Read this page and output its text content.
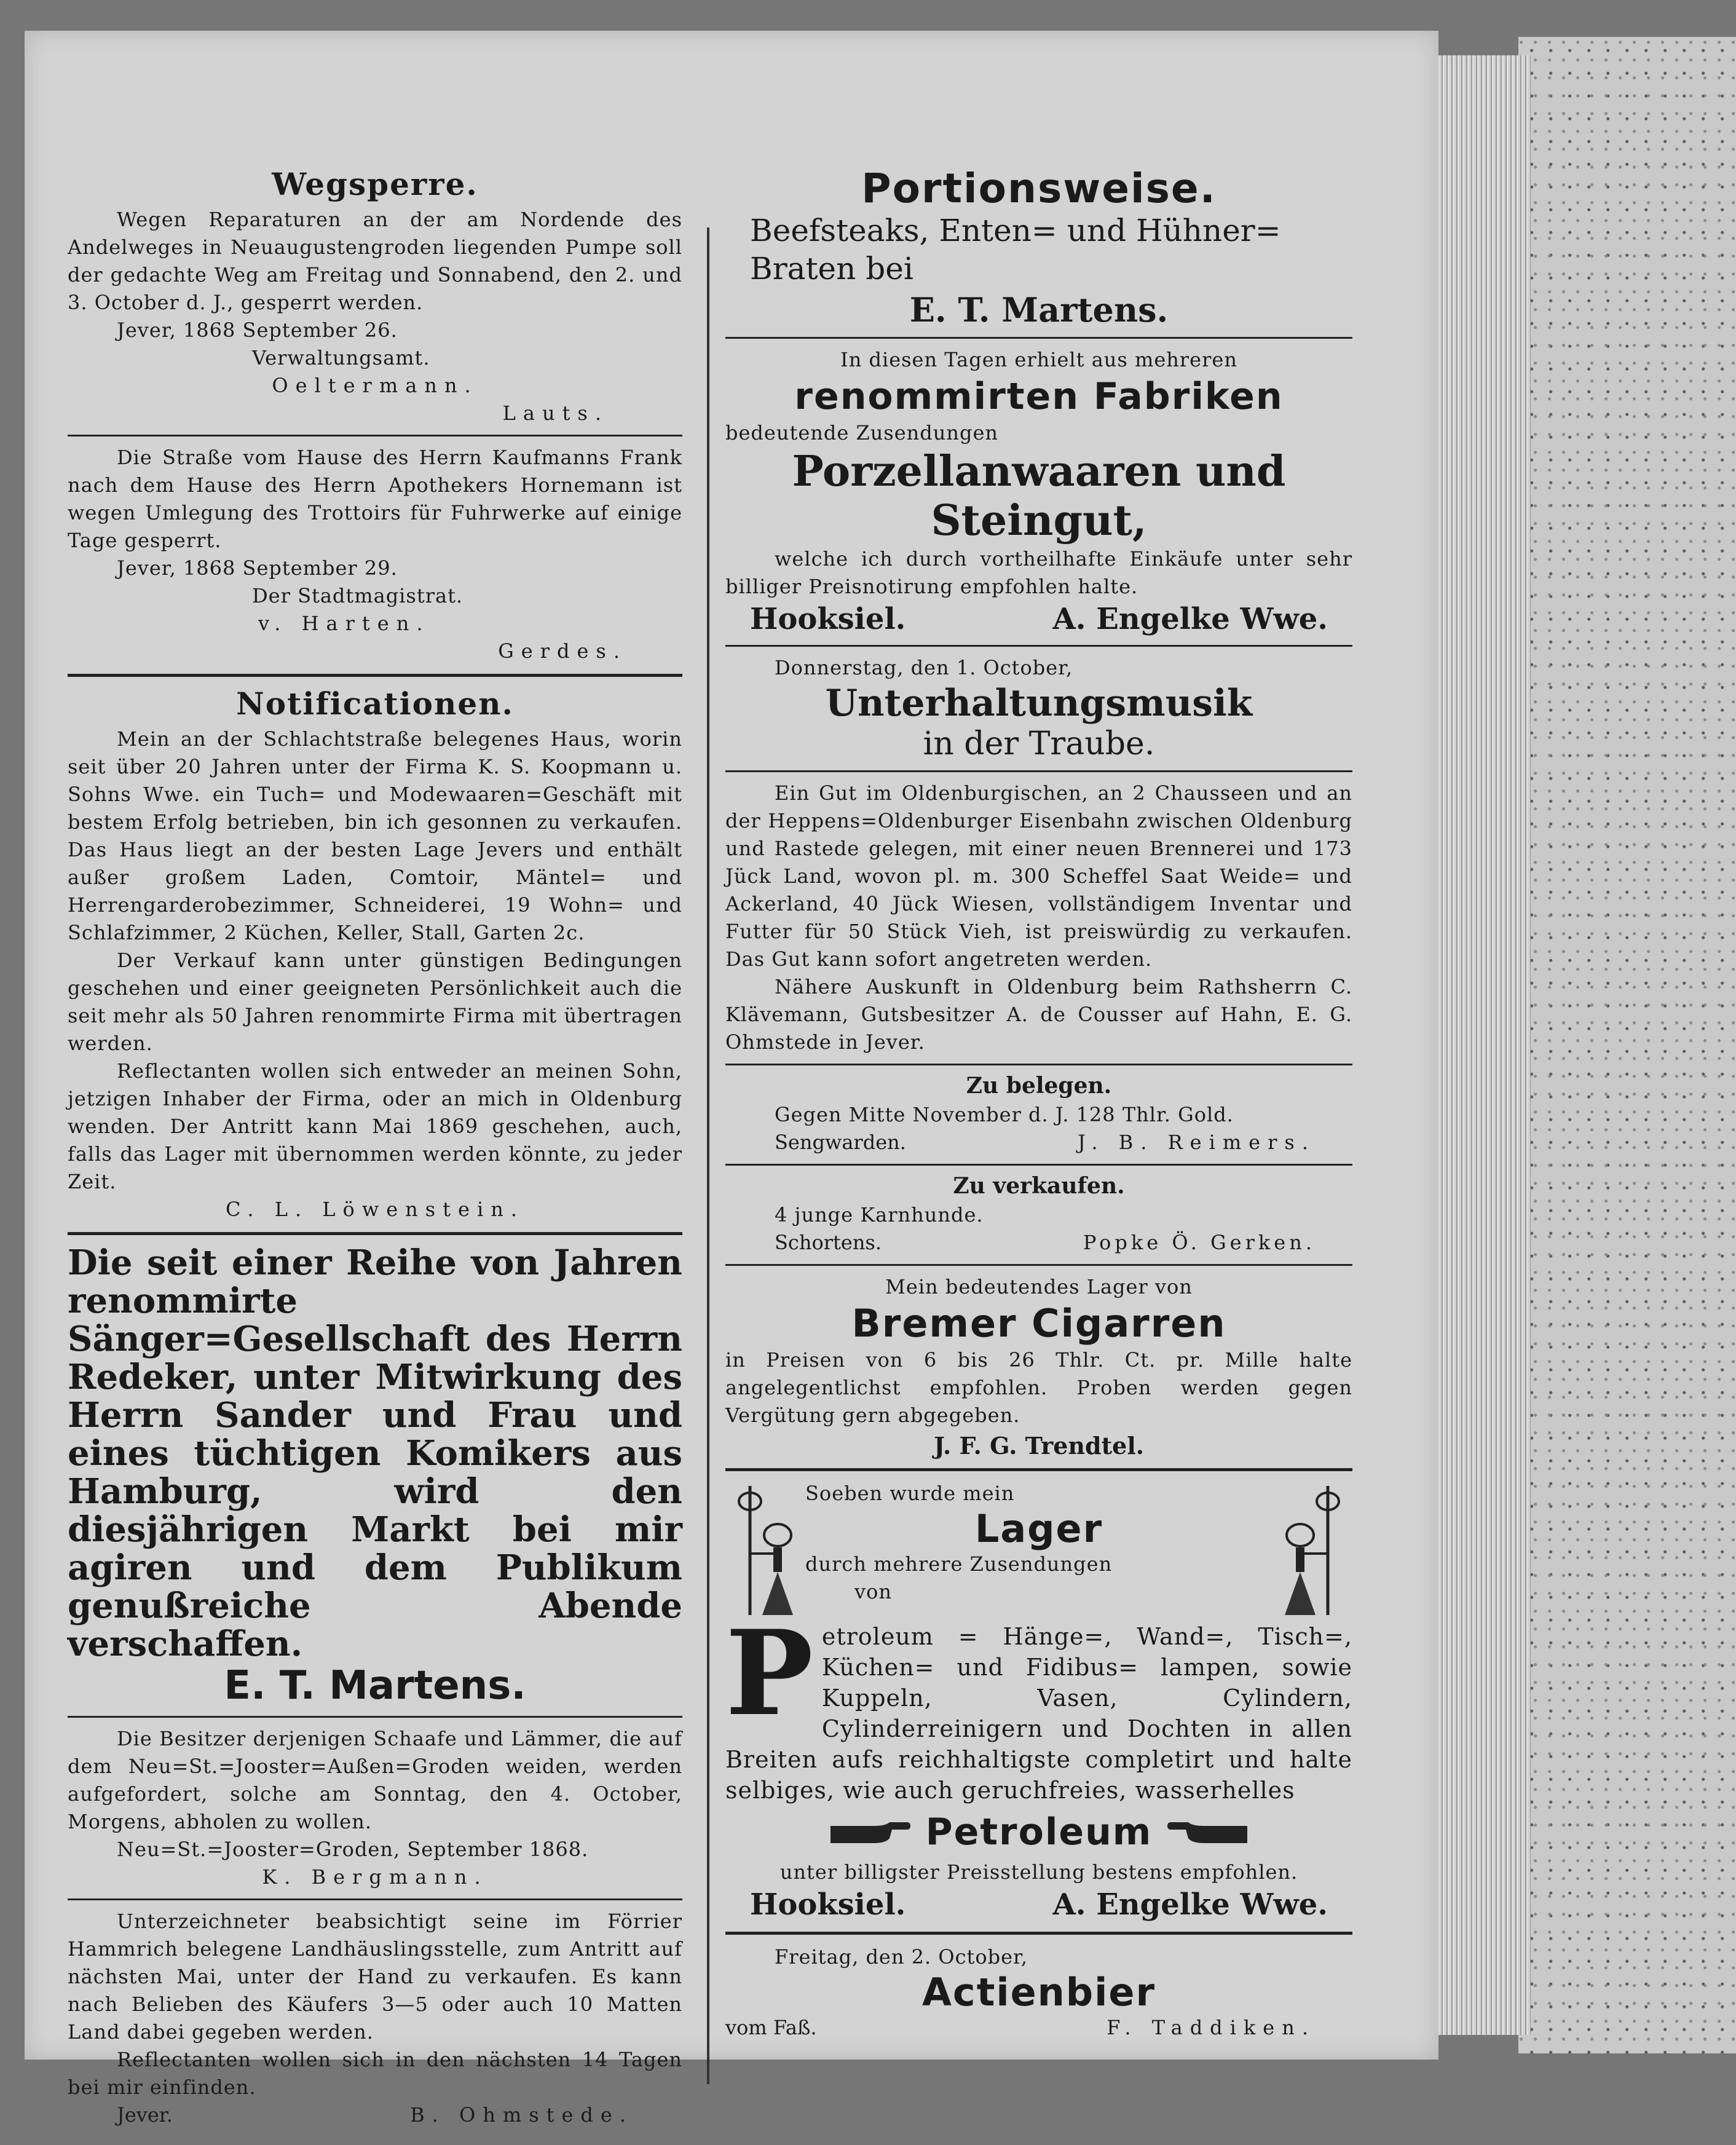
Wegsperre.

Wegen Reparaturen an der am Nordende des Andelweges in Neuaugustengroden liegenden Pumpe soll der gedachte Weg am Freitag und Sonnabend, den 2. und 3. October d. J., gesperrt werden.

Jever, 1868 September 26.

Verwaltungsamt.

Oeltermann.

Lauts.

Die Straße vom Hause des Herrn Kaufmanns Frank nach dem Hause des Herrn Apothekers Hornemann ist wegen Umlegung des Trottoirs für Fuhrwerke auf einige Tage gesperrt.

Jever, 1868 September 29.

Der Stadtmagistrat.

v. Harten.

Gerdes.

Notificationen.

Mein an der Schlachtstraße belegenes Haus, worin seit über 20 Jahren unter der Firma K. S. Koopmann u. Sohns Wwe. ein Tuch= und Modewaaren=Geschäft mit bestem Erfolg betrieben, bin ich gesonnen zu verkaufen. Das Haus liegt an der besten Lage Jevers und enthält außer großem Laden, Comtoir, Mäntel= und Herrengarderobezimmer, Schneiderei, 19 Wohn= und Schlafzimmer, 2 Küchen, Keller, Stall, Garten 2c.

Der Verkauf kann unter günstigen Bedingungen geschehen und einer geeigneten Persönlichkeit auch die seit mehr als 50 Jahren renommirte Firma mit übertragen werden.

Reflectanten wollen sich entweder an meinen Sohn, jetzigen Inhaber der Firma, oder an mich in Oldenburg wenden. Der Antritt kann Mai 1869 geschehen, auch, falls das Lager mit übernommen werden könnte, zu jeder Zeit.

C. L. Löwenstein.

Die seit einer Reihe von Jahren renommirte Sänger=Gesellschaft des Herrn Redeker, unter Mitwirkung des Herrn Sander und Frau und eines tüchtigen Komikers aus Hamburg, wird den diesjährigen Markt bei mir agiren und dem Publikum genußreiche Abende verschaffen.

E. T. Martens.

Die Besitzer derjenigen Schaafe und Lämmer, die auf dem Neu=St.=Jooster=Außen=Groden weiden, werden aufgefordert, solche am Sonntag, den 4. October, Morgens, abholen zu wollen.

Neu=St.=Jooster=Groden, September 1868.

K. Bergmann.

Unterzeichneter beabsichtigt seine im Förrier Hammrich belegene Landhäuslingsstelle, zum Antritt auf nächsten Mai, unter der Hand zu verkaufen. Es kann nach Belieben des Käufers 3—5 oder auch 10 Matten Land dabei gegeben werden.

Reflectanten wollen sich in den nächsten 14 Tagen bei mir einfinden.

Jever.	B. Ohmstede.

Portionsweise.

Beefsteaks, Enten= und Hühner= Braten bei

E. T. Martens.

In diesen Tagen erhielt aus mehreren

renommirten Fabriken

bedeutende Zusendungen

Porzellanwaaren und Steingut,

welche ich durch vortheilhafte Einkäufe unter sehr billiger Preisnotirung empfohlen halte.

Hooksiel.	A. Engelke Wwe.

Donnerstag, den 1. October,

Unterhaltungsmusik

in der Traube.

Ein Gut im Oldenburgischen, an 2 Chausseen und an der Heppens=Oldenburger Eisenbahn zwischen Oldenburg und Rastede gelegen, mit einer neuen Brennerei und 173 Jück Land, wovon pl. m. 300 Scheffel Saat Weide= und Ackerland, 40 Jück Wiesen, vollständigem Inventar und Futter für 50 Stück Vieh, ist preiswürdig zu verkaufen. Das Gut kann sofort angetreten werden.

Nähere Auskunft in Oldenburg beim Rathsherrn C. Klävemann, Gutsbesitzer A. de Cousser auf Hahn, E. G. Ohmstede in Jever.

Zu belegen.

Gegen Mitte November d. J. 128 Thlr. Gold.

Sengwarden.	J. B. Reimers.

Zu verkaufen.

4 junge Karnhunde.

Schortens.	Popke Ö. Gerken.

Mein bedeutendes Lager von

Bremer Cigarren

in Preisen von 6 bis 26 Thlr. Ct. pr. Mille halte angelegentlichst empfohlen. Proben werden gegen Vergütung gern abgegeben.

J. F. G. Trendtel.

Soeben wurde mein

Lager

durch mehrere Zusendungen

von

P etroleum = Hänge=, Wand=, Tisch=, Küchen= und Fidibus= lampen, sowie Kuppeln, Vasen, Cylindern, Cylinderreinigern und Dochten in allen Breiten aufs reichhaltigste completirt und halte selbiges, wie auch geruchfreies, wasserhelles

Petroleum

unter billigster Preisstellung bestens empfohlen.

Hooksiel.	A. Engelke Wwe.

Freitag, den 2. October,

Actienbier

vom Faß.	F. Taddiken.
